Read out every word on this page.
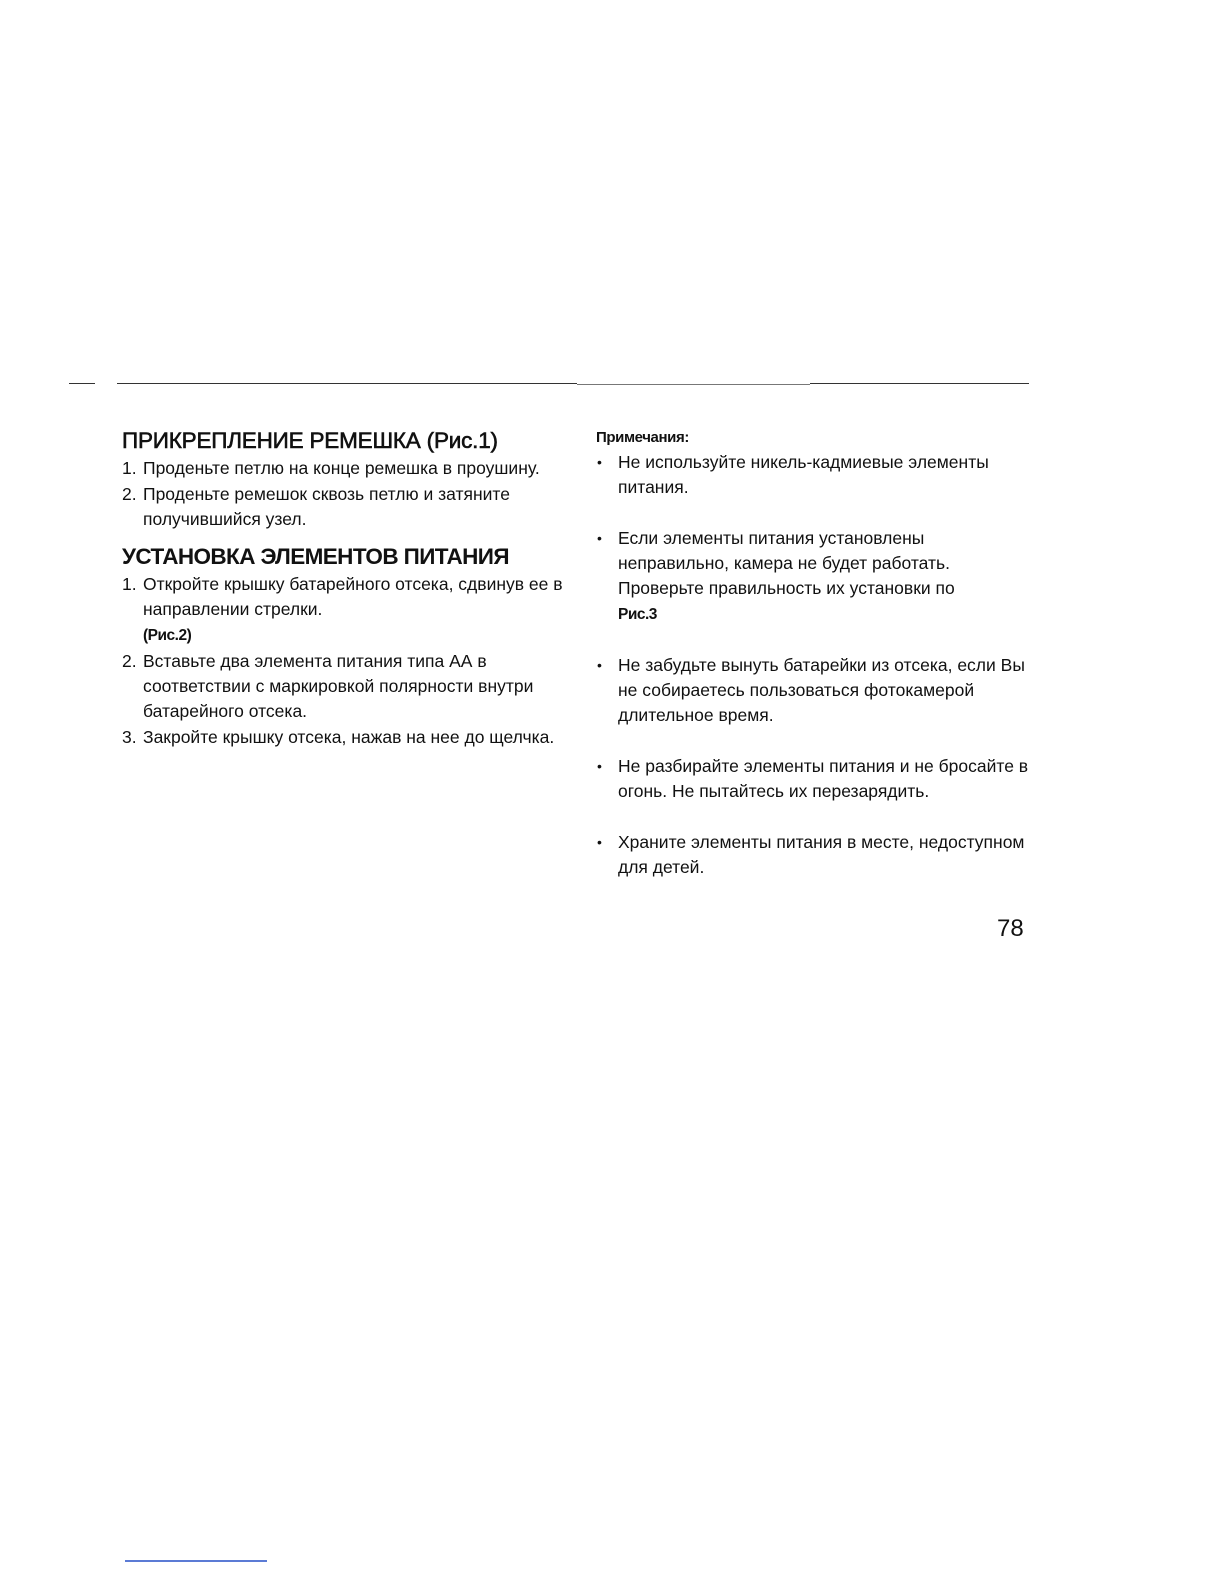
ПРИКРЕПЛЕНИЕ РЕМЕШКА (Рис.1)
1. Проденьте петлю на конце ремешка в проушину.
2. Проденьте ремешок сквозь петлю и затяните получившийся узел.
УСТАНОВКА ЭЛЕМЕНТОВ ПИТАНИЯ
1. Откройте крышку батарейного отсека, сдвинув ее в направлении стрелки.
(Рис.2)
2. Вставьте два элемента питания типа АА в соответствии с маркировкой полярности внутри батарейного отсека.
3. Закройте крышку отсека, нажав на нее до щелчка.

Примечания:

• Не используйте никель-кадмиевые элементы питания.
• Если элементы питания установлены неправильно, камера не будет работать. Проверьте правильность их установки по
Рис.3
• Не забудьте вынуть батарейки из отсека, если Вы не собираетесь пользоваться фотокамерой длительное время.
• Не разбирайте элементы питания и не бросайте в огонь. Не пытайтесь их перезарядить.
• Храните элементы питания в месте, недоступном для детей.
78
